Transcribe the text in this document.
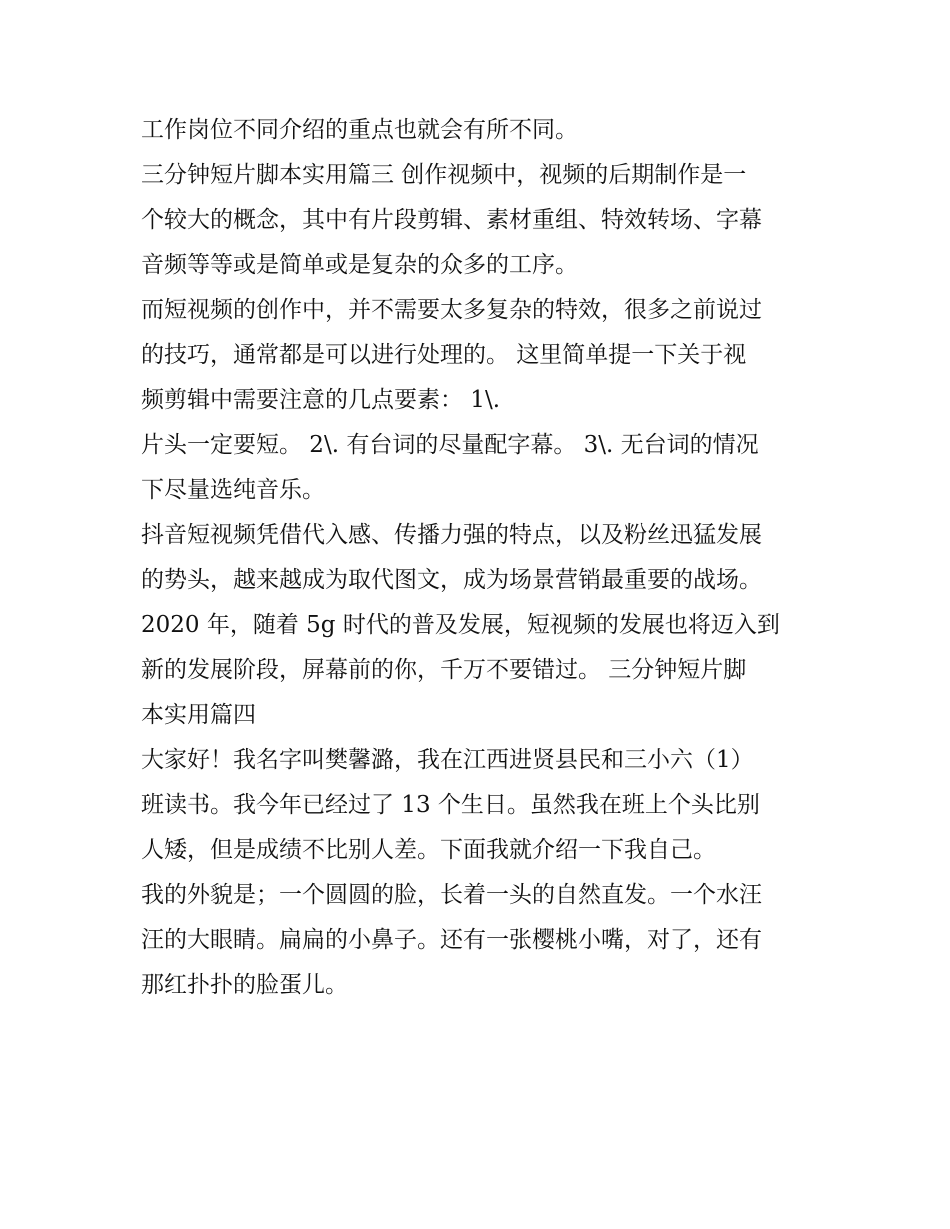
工作岗位不同介绍的重点也就会有所不同。
三分钟短片脚本实用篇三 创作视频中，视频的后期制作是一
个较大的概念，其中有片段剪辑、素材重组、特效转场、字幕
音频等等或是简单或是复杂的众多的工序。
而短视频的创作中，并不需要太多复杂的特效，很多之前说过
的技巧，通常都是可以进行处理的。 这里简单提一下关于视
频剪辑中需要注意的几点要素： 1\.
片头一定要短。 2\. 有台词的尽量配字幕。 3\. 无台词的情况
下尽量选纯音乐。
抖音短视频凭借代入感、传播力强的特点，以及粉丝迅猛发展
的势头，越来越成为取代图文，成为场景营销最重要的战场。
2020 年，随着 5g 时代的普及发展，短视频的发展也将迈入到
新的发展阶段，屏幕前的你，千万不要错过。 三分钟短片脚
本实用篇四
大家好！我名字叫樊馨潞，我在江西进贤县民和三小六（1）
班读书。我今年已经过了 13 个生日。虽然我在班上个头比别
人矮，但是成绩不比别人差。下面我就介绍一下我自己。
我的外貌是；一个圆圆的脸，长着一头的自然直发。一个水汪
汪的大眼睛。扁扁的小鼻子。还有一张樱桃小嘴，对了，还有
那红扑扑的脸蛋儿。
